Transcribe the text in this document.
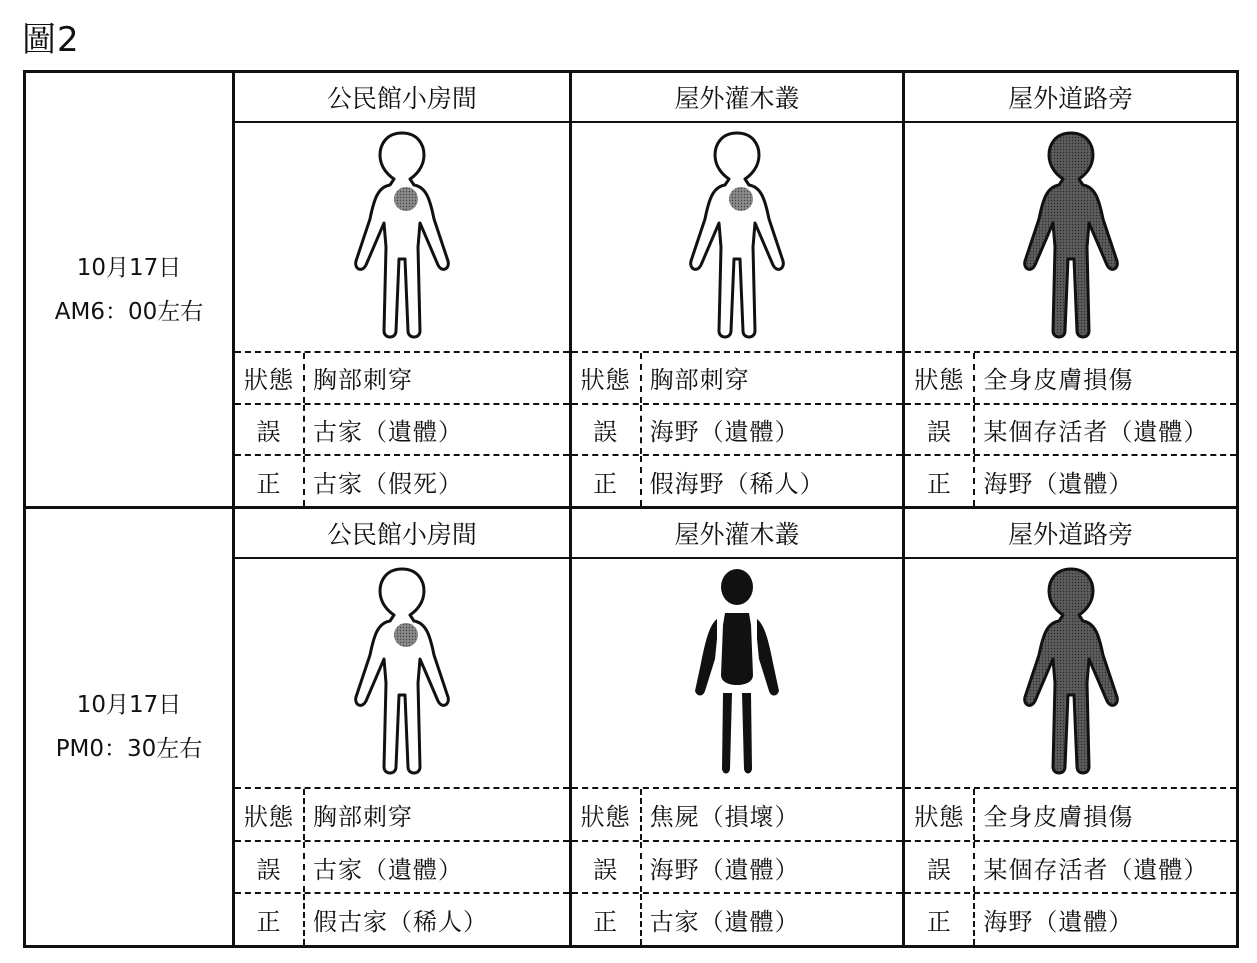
圖2
10月17日
AM6：00左右
公民館小房間
狀態 胸部刺穿
誤	古家（遺體）
正	古家（假死）
屋外灌木叢
狀態 胸部刺穿
誤	海野（遺體）
正	假海野（稀人）
屋外道路旁
狀態 全身皮膚損傷
誤	某個存活者（遺體）
正	海野（遺體）
10月17日
PM0：30左右
公民館小房間
狀態 胸部刺穿
誤	古家（遺體）
正	假古家（稀人）
屋外灌木叢
狀態 焦屍（損壞）
誤	海野（遺體）
正	古家（遺體）
屋外道路旁
狀態 全身皮膚損傷
誤	某個存活者（遺體）
正	海野（遺體）
